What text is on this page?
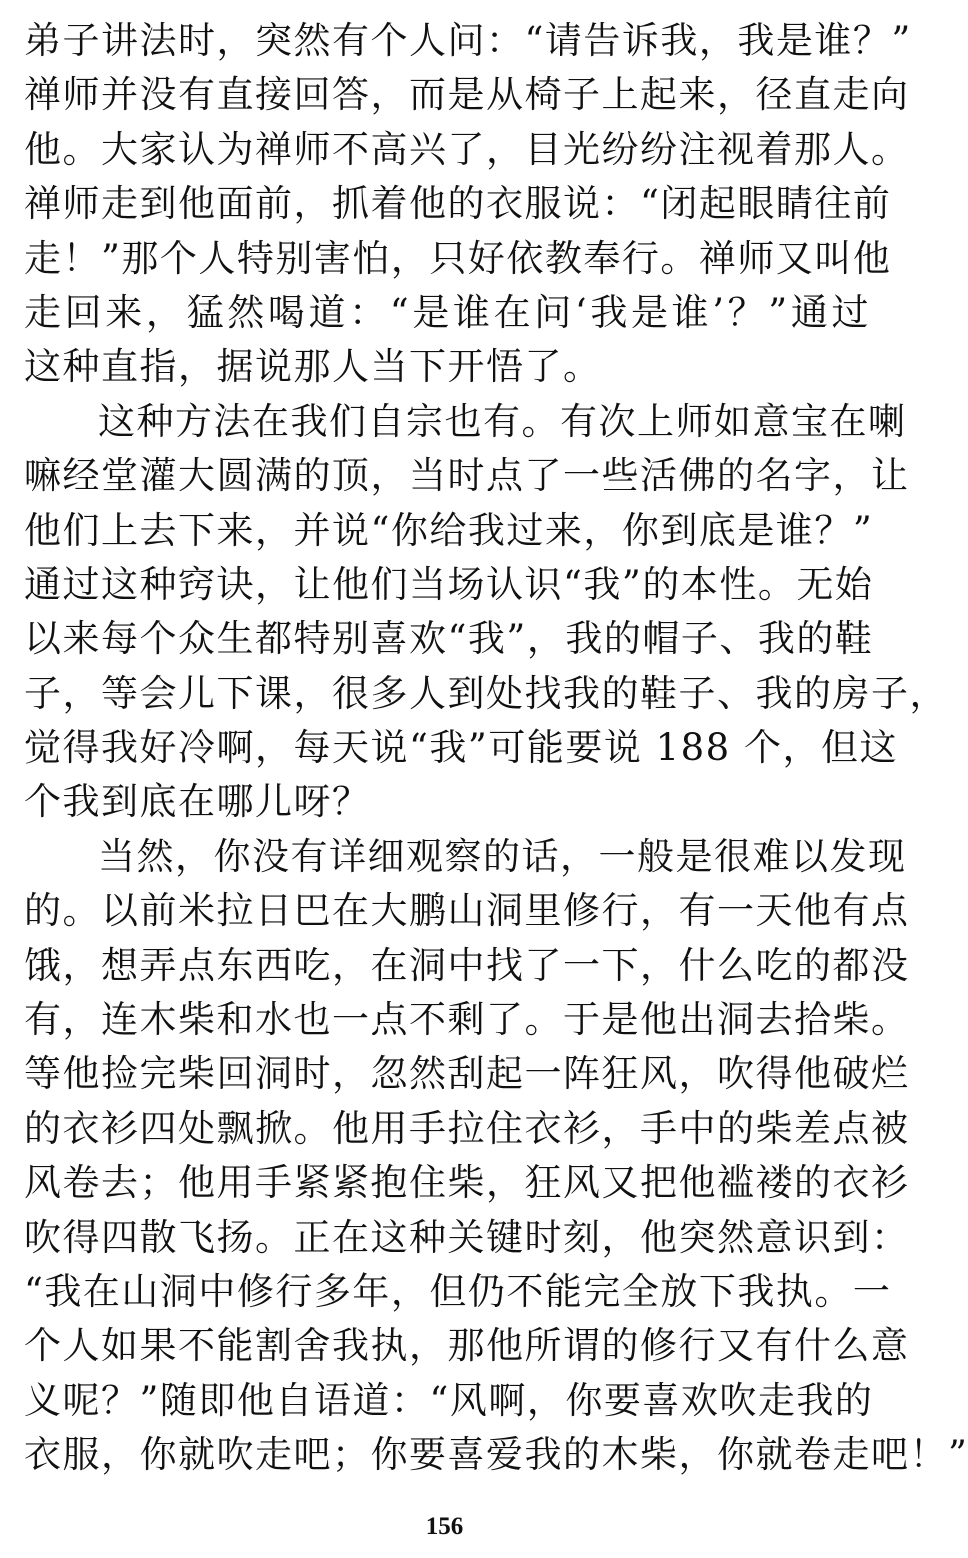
弟子讲法时，突然有个人问：“请告诉我，我是谁？”
禅师并没有直接回答，而是从椅子上起来，径直走向
他。大家认为禅师不高兴了，目光纷纷注视着那人。
禅师走到他面前，抓着他的衣服说：“闭起眼睛往前
走！”那个人特别害怕，只好依教奉行。禅师又叫他
走回来，猛然喝道：“是谁在问‘我是谁’？”通过
这种直指，据说那人当下开悟了。
这种方法在我们自宗也有。有次上师如意宝在喇
嘛经堂灌大圆满的顶，当时点了一些活佛的名字，让
他们上去下来，并说“你给我过来，你到底是谁？”
通过这种窍诀，让他们当场认识“我”的本性。无始
以来每个众生都特别喜欢“我”，我的帽子、我的鞋
子，等会儿下课，很多人到处找我的鞋子、我的房子，
觉得我好冷啊，每天说“我”可能要说 188 个，但这
个我到底在哪儿呀？
当然，你没有详细观察的话，一般是很难以发现
的。以前米拉日巴在大鹏山洞里修行，有一天他有点
饿，想弄点东西吃，在洞中找了一下，什么吃的都没
有，连木柴和水也一点不剩了。于是他出洞去拾柴。
等他捡完柴回洞时，忽然刮起一阵狂风，吹得他破烂
的衣衫四处飘掀。他用手拉住衣衫，手中的柴差点被
风卷去；他用手紧紧抱住柴，狂风又把他褴褛的衣衫
吹得四散飞扬。正在这种关键时刻，他突然意识到：
“我在山洞中修行多年，但仍不能完全放下我执。一
个人如果不能割舍我执，那他所谓的修行又有什么意
义呢？”随即他自语道：“风啊，你要喜欢吹走我的
衣服，你就吹走吧；你要喜爱我的木柴，你就卷走吧！”
156
